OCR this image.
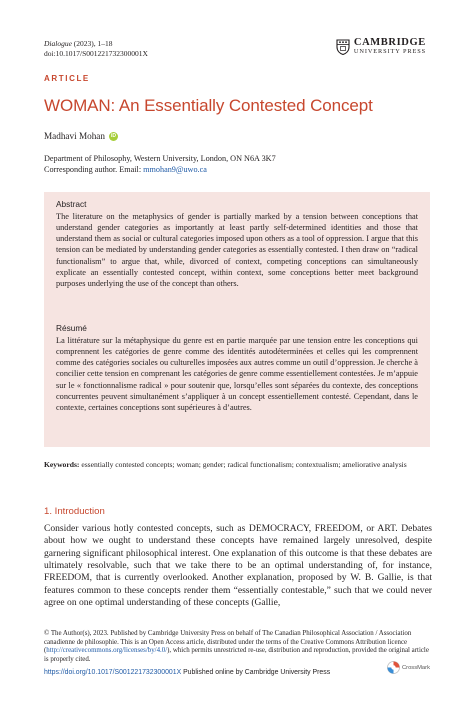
Dialogue (2023), 1–18
doi:10.1017/S001221732300001X
CAMBRIDGE
UNIVERSITY PRESS
ARTICLE
WOMAN: An Essentially Contested Concept
Madhavi Mohan	iD
Department of Philosophy, Western University, London, ON N6A 3K7
Corresponding author. Email: mmohan9@uwo.ca
Abstract
The literature on the metaphysics of gender is partially marked by a tension between conceptions that understand gender categories as importantly at least partly self-determined identities and those that understand them as social or cultural categories imposed upon others as a tool of oppression. I argue that this tension can be mediated by understanding gender categories as essentially contested. I then draw on “radical functionalism” to argue that, while, divorced of context, competing conceptions can simultaneously explicate an essentially contested concept, within context, some conceptions better meet background purposes underlying the use of the concept than others.
Résumé
La littérature sur la métaphysique du genre est en partie marquée par une tension entre les conceptions qui comprennent les catégories de genre comme des identités autodéterminées et celles qui les comprennent comme des catégories sociales ou culturelles imposées aux autres comme un outil d’oppression. Je cherche à concilier cette tension en comprenant les catégories de genre comme essentiellement contestées. Je m’appuie sur le « fonctionnalisme radical » pour soutenir que, lorsqu’elles sont séparées du contexte, des conceptions concurrentes peuvent simultanément s’appliquer à un concept essentiellement contesté. Cependant, dans le contexte, certaines conceptions sont supérieures à d’autres.
Keywords: essentially contested concepts; woman; gender; radical functionalism; contextualism; ameliorative analysis
1. Introduction
Consider various hotly contested concepts, such as DEMOCRACY, FREEDOM, or ART. Debates about how we ought to understand these concepts have remained largely unresolved, despite garnering significant philosophical interest. One explanation of this outcome is that these debates are ultimately resolvable, such that we take there to be an optimal understanding of, for instance, FREEDOM, that is currently overlooked. Another explanation, proposed by W. B. Gallie, is that features common to these concepts render them “essentially contestable,” such that we could never agree on one optimal understanding of these concepts (Gallie,
© The Author(s), 2023. Published by Cambridge University Press on behalf of The Canadian Philosophical Association / Association canadienne de philosophie. This is an Open Access article, distributed under the terms of the Creative Commons Attribution licence (http://creativecommons.org/licenses/by/4.0/), which permits unrestricted re-use, distribution and reproduction, provided the original article is properly cited.
https://doi.org/10.1017/S001221732300001X Published online by Cambridge University Press
CrossMark
